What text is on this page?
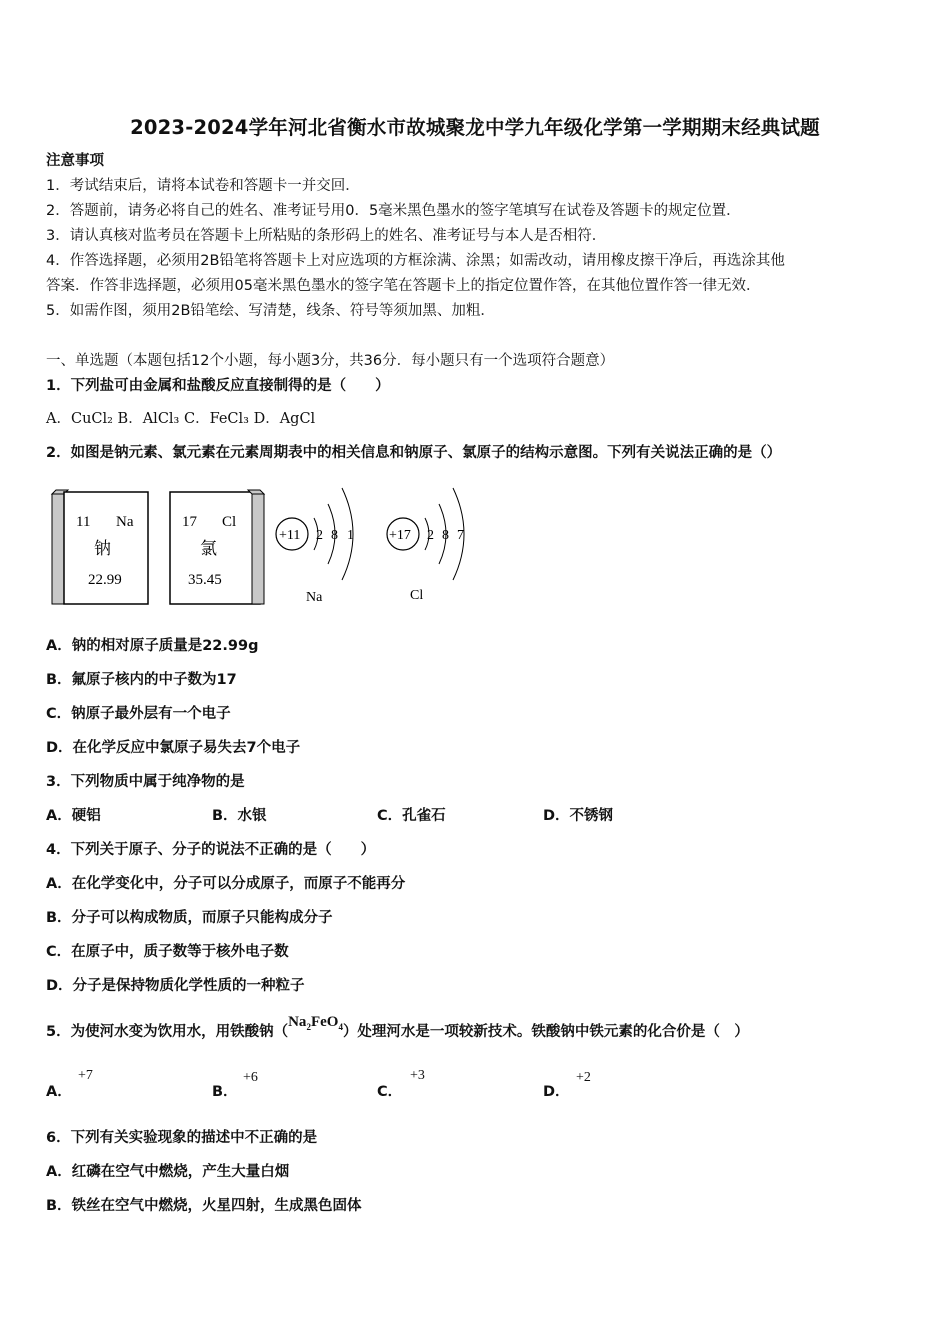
2023-2024学年河北省衡水市故城聚龙中学九年级化学第一学期期末经典试题
注意事项
1．考试结束后，请将本试卷和答题卡一并交回．
2．答题前，请务必将自己的姓名、准考证号用0．5毫米黑色墨水的签字笔填写在试卷及答题卡的规定位置．
3．请认真核对监考员在答题卡上所粘贴的条形码上的姓名、准考证号与本人是否相符．
4．作答选择题，必须用2B铅笔将答题卡上对应选项的方框涂满、涂黑；如需改动，请用橡皮擦干净后，再选涂其他
答案．作答非选择题，必须用05毫米黑色墨水的签字笔在答题卡上的指定位置作答，在其他位置作答一律无效．
5．如需作图，须用2B铅笔绘、写清楚，线条、符号等须加黑、加粗．
一、单选题（本题包括12个小题，每小题3分，共36分．每小题只有一个选项符合题意）
1．下列盐可由金属和盐酸反应直接制得的是（　　）
A．CuCl₂ B．AlCl₃ C．FeCl₃ D．AgCl
2．如图是钠元素、氯元素在元素周期表中的相关信息和钠原子、氯原子的结构示意图。下列有关说法正确的是（）
11 Na
钠
22.99
17 Cl
氯
35.45
+11 2 8 1
Na
+17 2 8 7
Cl
A．钠的相对原子质量是22.99g
B．氟原子核内的中子数为17
C．钠原子最外层有一个电子
D．在化学反应中氯原子易失去7个电子
3．下列物质中属于纯净物的是
A．硬铝	B．水银	C．孔雀石	D．不锈钢
4．下列关于原子、分子的说法不正确的是（　　）
A．在化学变化中，分子可以分成原子，而原子不能再分
B．分子可以构成物质，而原子只能构成分子
C．在原子中，质子数等于核外电子数
D．分子是保持物质化学性质的一种粒子
5．为使河水变为饮用水，用铁酸钠$(Na_2FeO_4)$处理河水是一项较新技术。铁酸钠中铁元素的化合价是（　）
A．
+7
B．
+6
C．
+3
D．
+2
6．下列有关实验现象的描述中不正确的是
A．红磷在空气中燃烧，产生大量白烟
B．铁丝在空气中燃烧，火星四射，生成黑色固体
